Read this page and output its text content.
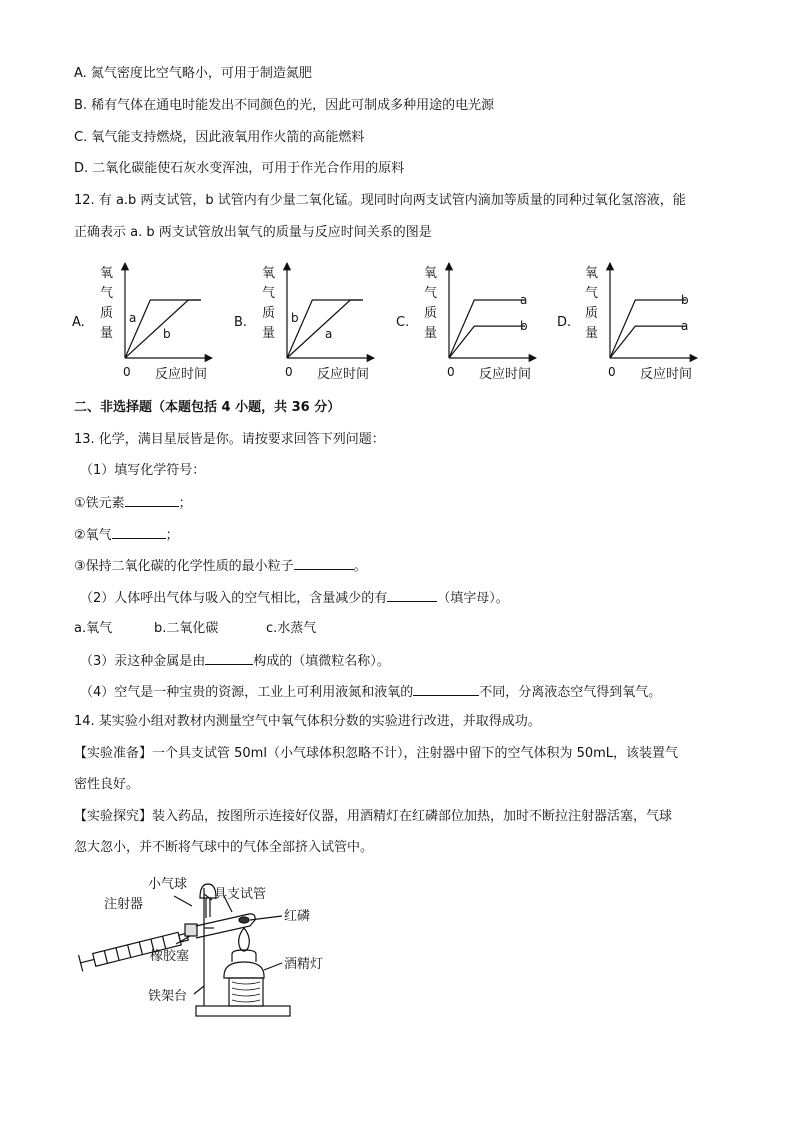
A. 氮气密度比空气略小，可用于制造氮肥
B. 稀有气体在通电时能发出不同颜色的光，因此可制成多种用途的电光源
C. 氧气能支持燃烧，因此液氧用作火箭的高能燃料
D. 二氧化碳能使石灰水变浑浊，可用于作光合作用的原料
12. 有 a.b 两支试管，b 试管内有少量二氧化锰。现同时向两支试管内滴加等质量的同种过氧化氢溶液，能
正确表示 a. b 两支试管放出氧气的质量与反应时间关系的图是
A.
氧
气
质
量
0 反应时间
a
b
B.
氧
气
质
量
0 反应时间
b
a
C.
氧
气
质
量
0 反应时间
a
b D.
氧
气
质
量
0 反应时间
b
a
二、非选择题（本题包括 4 小题，共 36 分）
13. 化学，满目星辰皆是你。请按要求回答下列问题：
（1）填写化学符号：
①铁元素	；
②氧气	；
③保持二氧化碳的化学性质的最小粒子	。
（2）人体呼出气体与吸入的空气相比，含量减少的有	（填字母）。
a.氧气	b.二氧化碳	c.水蒸气
（3）汞这种金属是由	构成的（填微粒名称）。
（4）空气是一种宝贵的资源，工业上可利用液氮和液氧的	不同，分离液态空气得到氧气。
14. 某实验小组对教材内测量空气中氧气体积分数的实验进行改进，并取得成功。
【实验准备】一个具支试管 50ml（小气球体积忽略不计），注射器中留下的空气体积为 50mL，该装置气
密性良好。
【实验探究】装入药品，按图所示连接好仪器，用酒精灯在红磷部位加热，加时不断拉注射器活塞，气球
忽大忽小，并不断将气球中的气体全部挤入试管中。
小气球
具支试管
注射器
红磷
橡胶塞
酒精灯
铁架台
